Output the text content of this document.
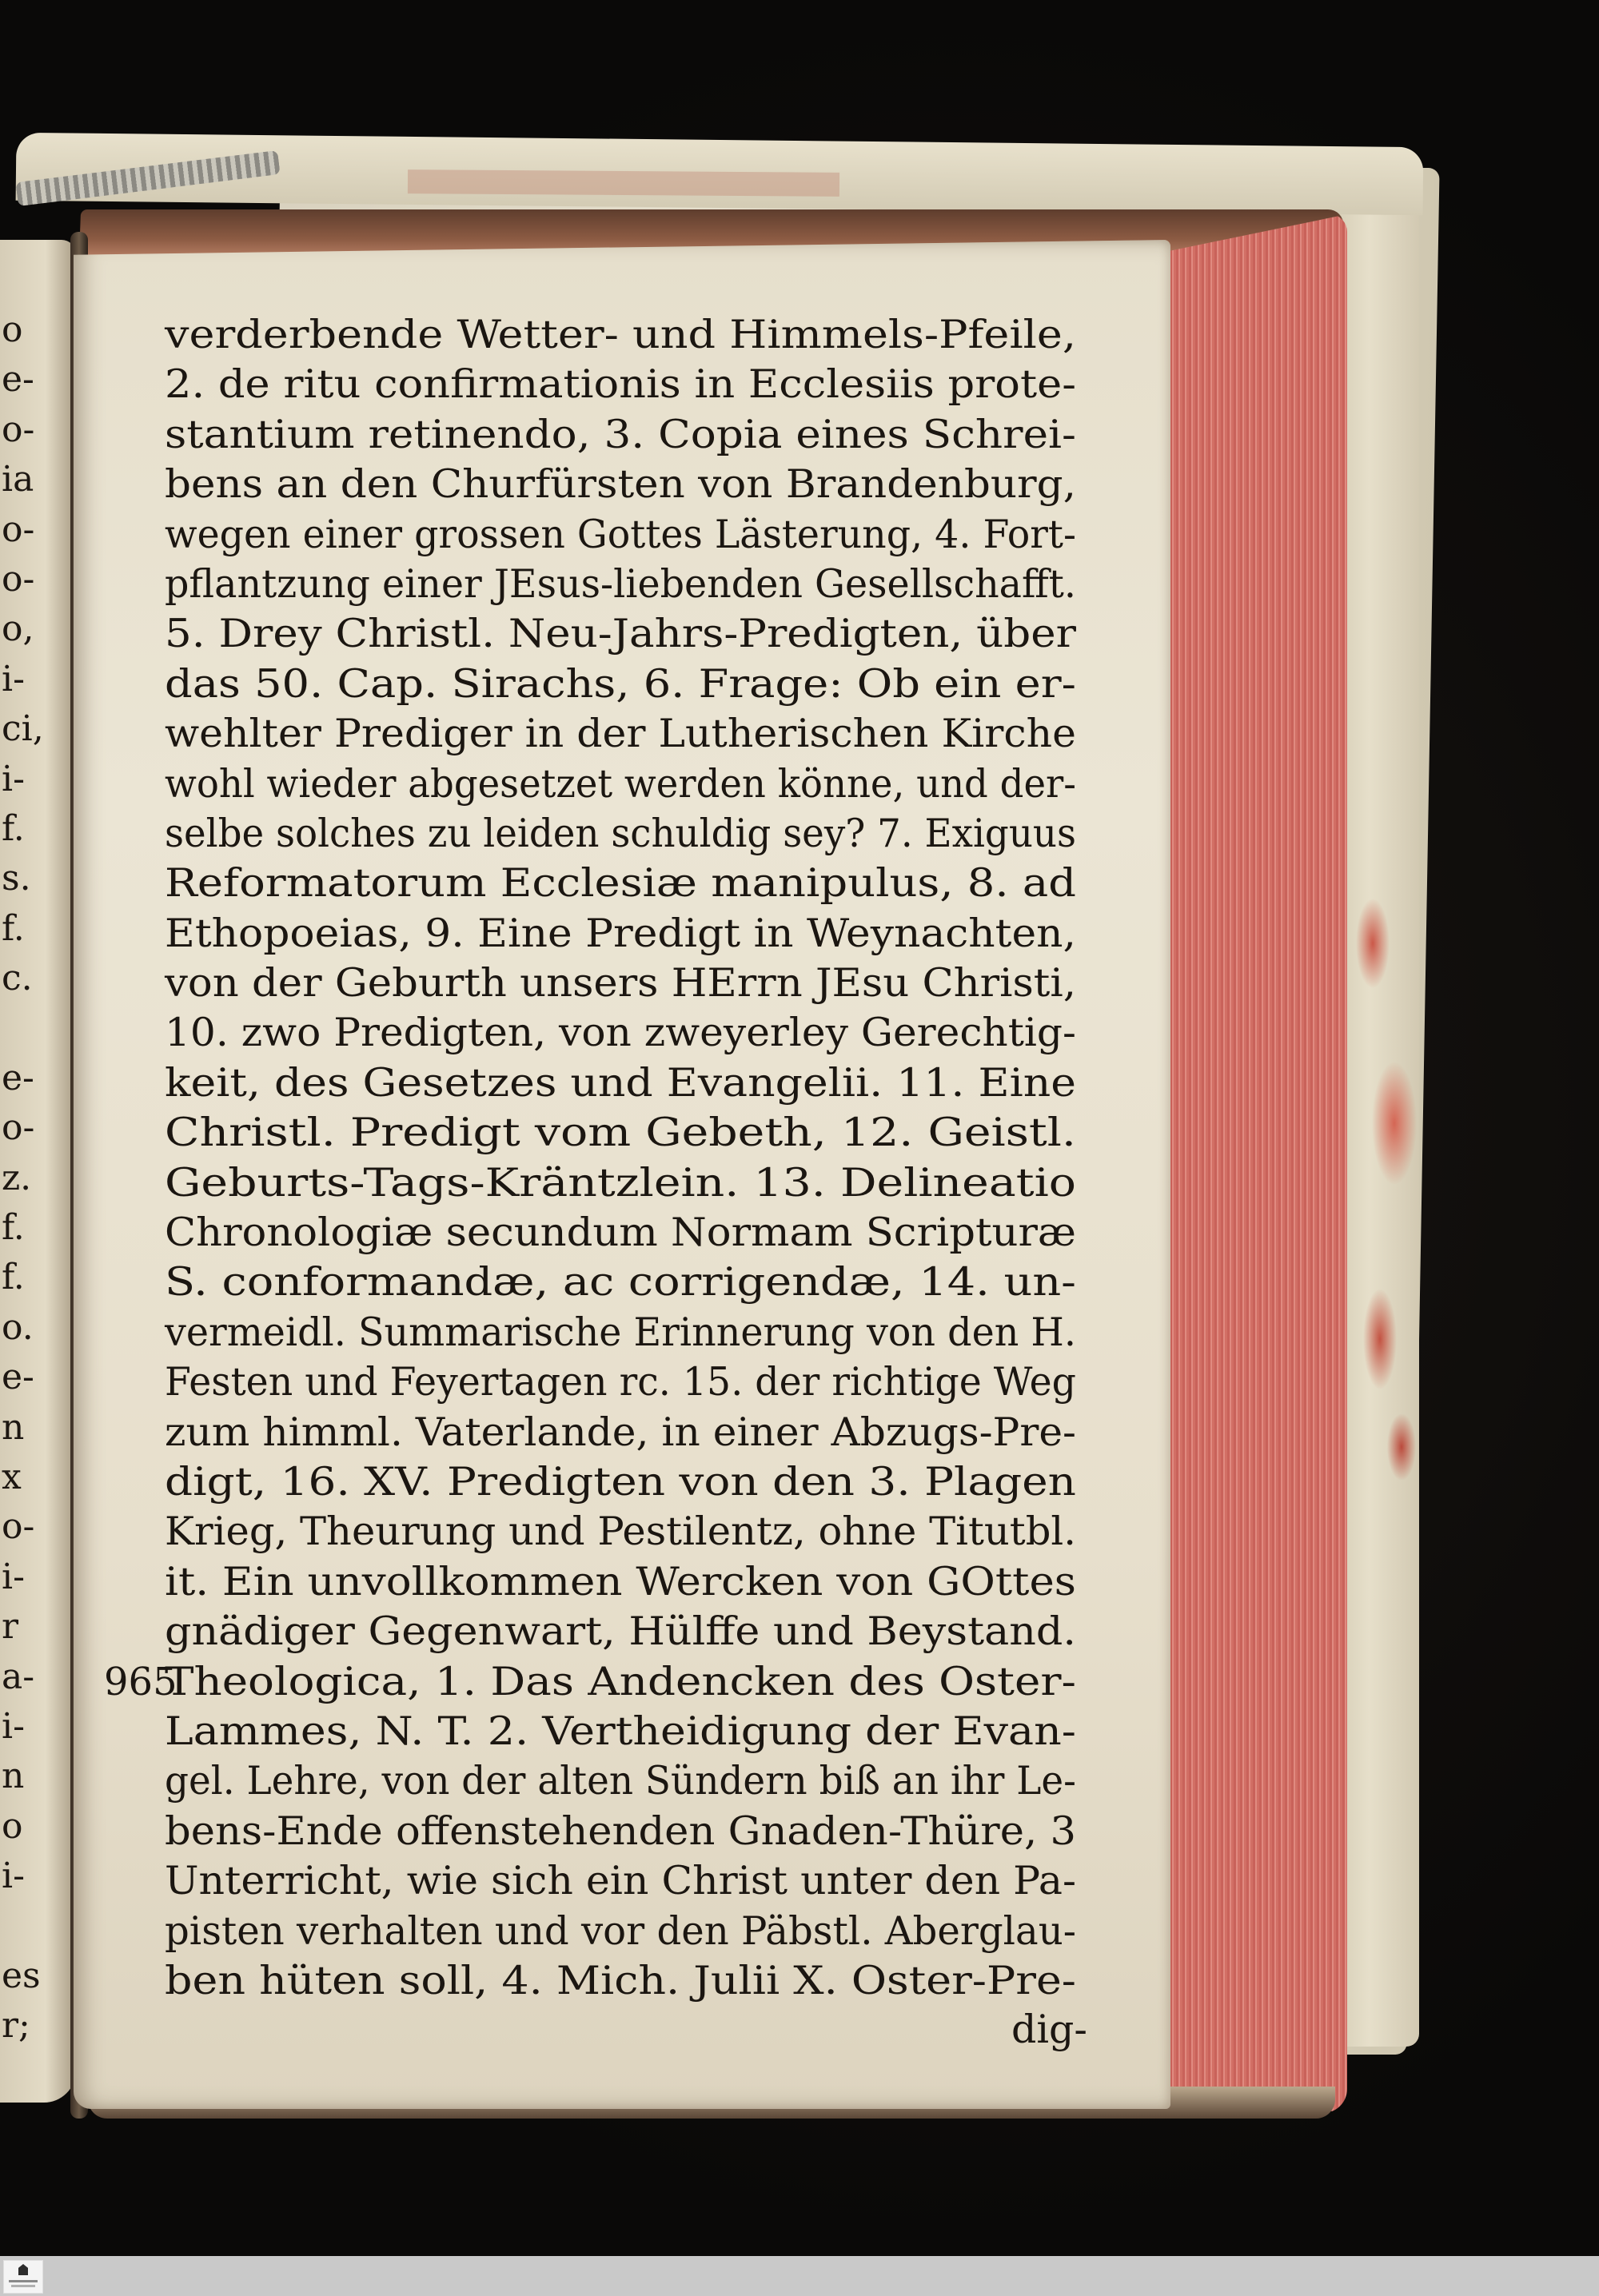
o
e-
o-
ia
o-
o-
o,
i-
ci,
i-
f.
s.
f.
c.
e-
o-
z.
f.
f.
o.
e-
n
x
o-
i-
r
a-
i-
n
o
i-
es
r;
verderbende Wetter- und Himmels-Pfeile,
2. de ritu confirmationis in Ecclesiis prote-
stantium retinendo, 3. Copia eines Schrei-
bens an den Churfürsten von Brandenburg,
wegen einer grossen Gottes Lästerung, 4. Fort-
pflantzung einer JEsus-liebenden Gesellschafft.
5. Drey Christl. Neu-Jahrs-Predigten, über
das 50. Cap. Sirachs, 6. Frage: Ob ein er-
wehlter Prediger in der Lutherischen Kirche
wohl wieder abgesetzet werden könne, und der-
selbe solches zu leiden schuldig sey? 7. Exiguus
Reformatorum Ecclesiæ manipulus, 8. ad
Ethopoeias, 9. Eine Predigt in Weynachten,
von der Geburth unsers HErrn JEsu Christi,
10. zwo Predigten, von zweyerley Gerechtig-
keit, des Gesetzes und Evangelii. 11. Eine
Christl. Predigt vom Gebeth, 12. Geistl.
Geburts-Tags-Kräntzlein. 13. Delineatio
Chronologiæ secundum Normam Scripturæ
S. conformandæ, ac corrigendæ, 14. un-
vermeidl. Summarische Erinnerung von den H.
Festen und Feyertagen rc. 15. der richtige Weg
zum himml. Vaterlande, in einer Abzugs-Pre-
digt, 16. XV. Predigten von den 3. Plagen
Krieg, Theurung und Pestilentz, ohne Titutbl.
it. Ein unvollkommen Wercken von GOttes
gnädiger Gegenwart, Hülffe und Beystand.
Theologica, 1. Das Andencken des Oster-
965
Lammes, N. T. 2. Vertheidigung der Evan-
gel. Lehre, von der alten Sündern biß an ihr Le-
bens-Ende offenstehenden Gnaden-Thüre, 3
Unterricht, wie sich ein Christ unter den Pa-
pisten verhalten und vor den Päbstl. Aberglau-
ben hüten soll, 4. Mich. Julii X. Oster-Pre-
dig-
